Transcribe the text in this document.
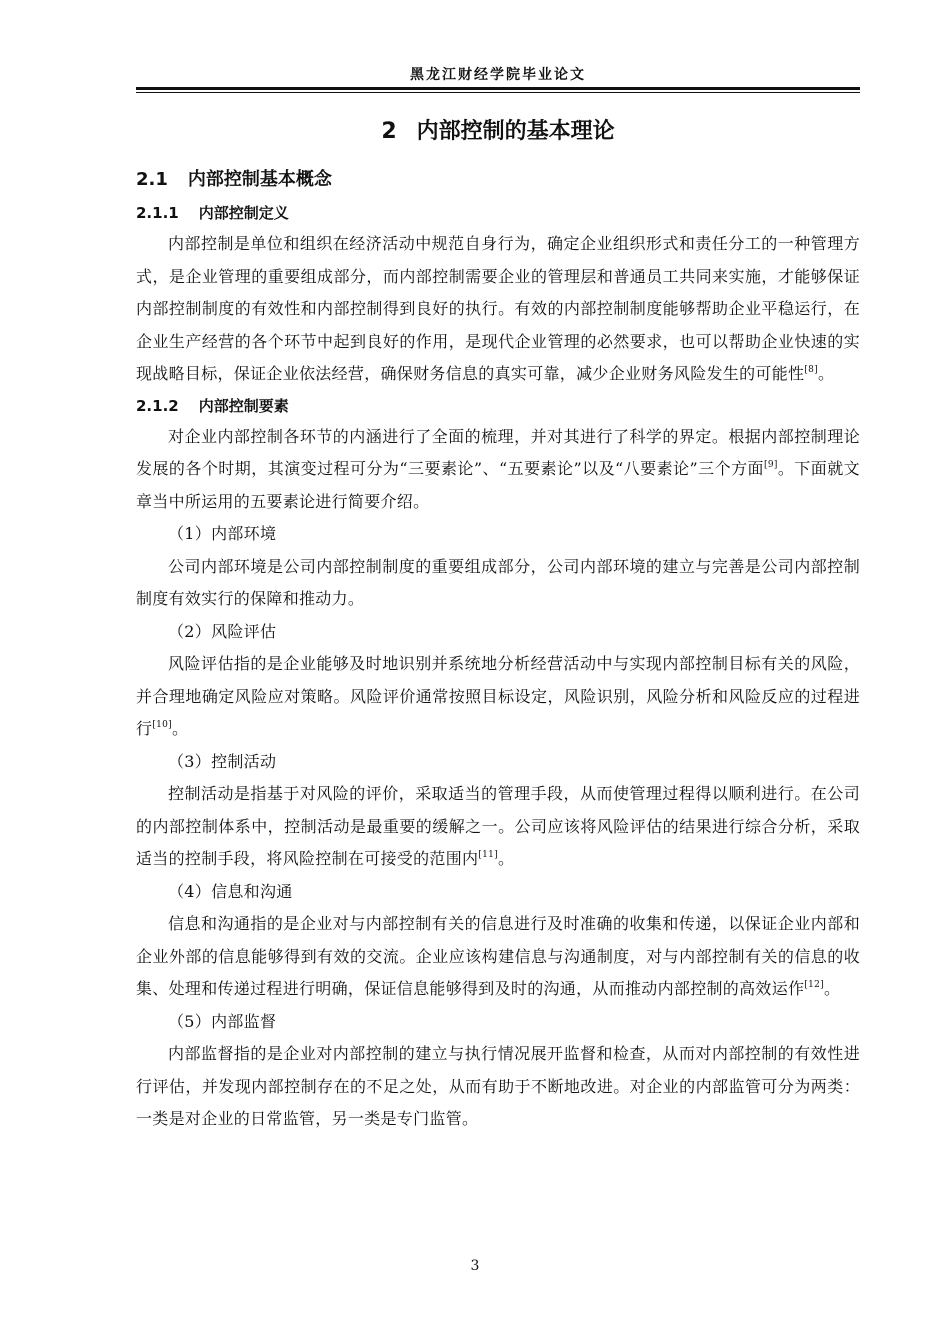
黑龙江财经学院毕业论文
2 内部控制的基本理论
2.1 内部控制基本概念
2.1.1 内部控制定义

内部控制是单位和组织在经济活动中规范自身行为，确定企业组织形式和责任分工的一种管理方式，是企业管理的重要组成部分，而内部控制需要企业的管理层和普通员工共同来实施，才能够保证内部控制制度的有效性和内部控制得到良好的执行。有效的内部控制制度能够帮助企业平稳运行，在企业生产经营的各个环节中起到良好的作用，是现代企业管理的必然要求，也可以帮助企业快速的实现战略目标，保证企业依法经营，确保财务信息的真实可靠，减少企业财务风险发生的可能性[8]。

2.1.2 内部控制要素

对企业内部控制各环节的内涵进行了全面的梳理，并对其进行了科学的界定。根据内部控制理论发展的各个时期，其演变过程可分为“三要素论”、“五要素论”以及“八要素论”三个方面[9]。下面就文章当中所运用的五要素论进行简要介绍。

（1）内部环境

公司内部环境是公司内部控制制度的重要组成部分，公司内部环境的建立与完善是公司内部控制制度有效实行的保障和推动力。

（2）风险评估

风险评估指的是企业能够及时地识别并系统地分析经营活动中与实现内部控制目标有关的风险，并合理地确定风险应对策略。风险评价通常按照目标设定，风险识别，风险分析和风险反应的过程进行[10]。

（3）控制活动

控制活动是指基于对风险的评价，采取适当的管理手段，从而使管理过程得以顺利进行。在公司的内部控制体系中，控制活动是最重要的缓解之一。公司应该将风险评估的结果进行综合分析，采取适当的控制手段，将风险控制在可接受的范围内[11]。

（4）信息和沟通

信息和沟通指的是企业对与内部控制有关的信息进行及时准确的收集和传递，以保证企业内部和企业外部的信息能够得到有效的交流。企业应该构建信息与沟通制度，对与内部控制有关的信息的收集、处理和传递过程进行明确，保证信息能够得到及时的沟通，从而推动内部控制的高效运作[12]。

（5）内部监督

内部监督指的是企业对内部控制的建立与执行情况展开监督和检查，从而对内部控制的有效性进行评估，并发现内部控制存在的不足之处，从而有助于不断地改进。对企业的内部监管可分为两类：一类是对企业的日常监管，另一类是专门监管。

3
